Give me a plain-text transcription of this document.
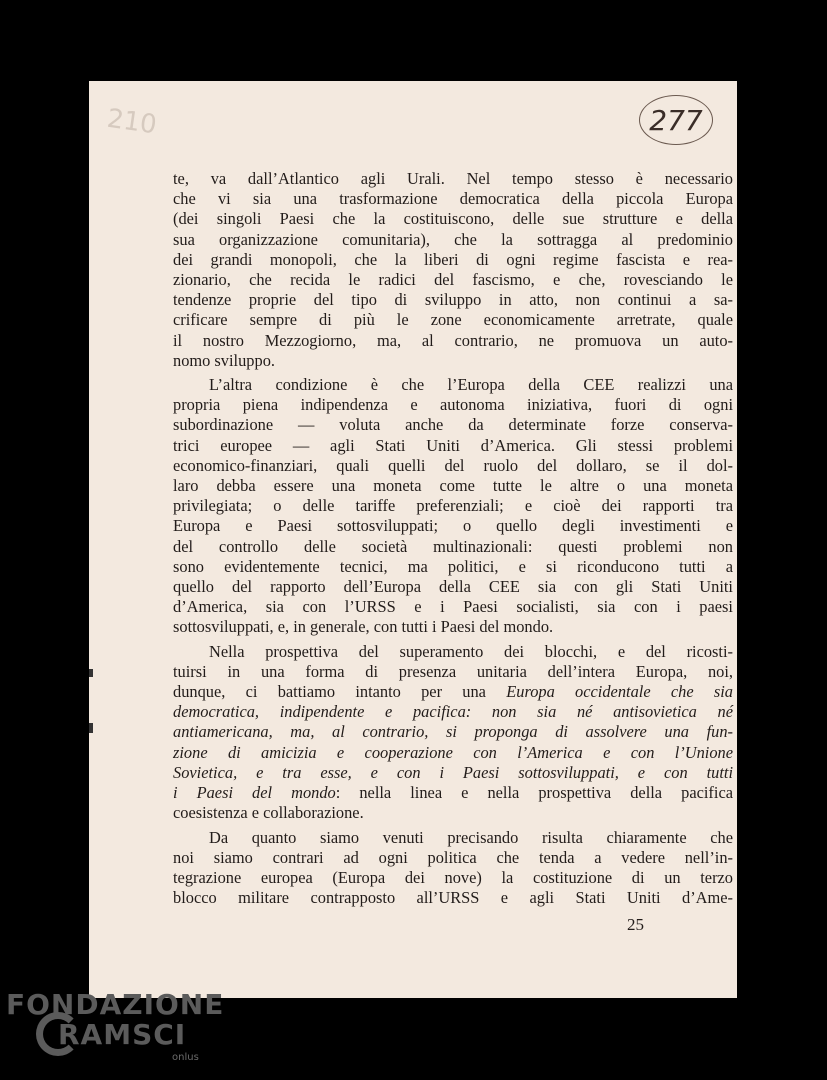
210	277
te, va dall’Atlantico agli Urali. Nel tempo stesso è necessario
che vi sia una trasformazione democratica della piccola Europa
(dei singoli Paesi che la costituiscono, delle sue strutture e della
sua organizzazione comunitaria), che la sottragga al predominio
dei grandi monopoli, che la liberi di ogni regime fascista e rea-
zionario, che recida le radici del fascismo, e che, rovesciando le
tendenze proprie del tipo di sviluppo in atto, non continui a sa-
crificare sempre di più le zone economicamente arretrate, quale
il nostro Mezzogiorno, ma, al contrario, ne promuova un auto-
nomo sviluppo.
L’altra condizione è che l’Europa della CEE realizzi una
propria piena indipendenza e autonoma iniziativa, fuori di ogni
subordinazione — voluta anche da determinate forze conserva-
trici europee — agli Stati Uniti d’America. Gli stessi problemi
economico-finanziari, quali quelli del ruolo del dollaro, se il dol-
laro debba essere una moneta come tutte le altre o una moneta
privilegiata; o delle tariffe preferenziali; e cioè dei rapporti tra
Europa e Paesi sottosviluppati; o quello degli investimenti e
del controllo delle società multinazionali: questi problemi non
sono evidentemente tecnici, ma politici, e si riconducono tutti a
quello del rapporto dell’Europa della CEE sia con gli Stati Uniti
d’America, sia con l’URSS e i Paesi socialisti, sia con i paesi
sottosviluppati, e, in generale, con tutti i Paesi del mondo.
Nella prospettiva del superamento dei blocchi, e del ricosti-
tuirsi in una forma di presenza unitaria dell’intera Europa, noi,
dunque, ci battiamo intanto per una Europa occidentale che sia
democratica, indipendente e pacifica: non sia né antisovietica né
antiamericana, ma, al contrario, si proponga di assolvere una fun-
zione di amicizia e cooperazione con l’America e con l’Unione
Sovietica, e tra esse, e con i Paesi sottosviluppati, e con tutti
i Paesi del mondo: nella linea e nella prospettiva della pacifica
coesistenza e collaborazione.
Da quanto siamo venuti precisando risulta chiaramente che
noi siamo contrari ad ogni politica che tenda a vedere nell’in-
tegrazione europea (Europa dei nove) la costituzione di un terzo
blocco militare contrapposto all’URSS e agli Stati Uniti d’Ame-
25
FONDAZIONE
RAMSCI
onlus
